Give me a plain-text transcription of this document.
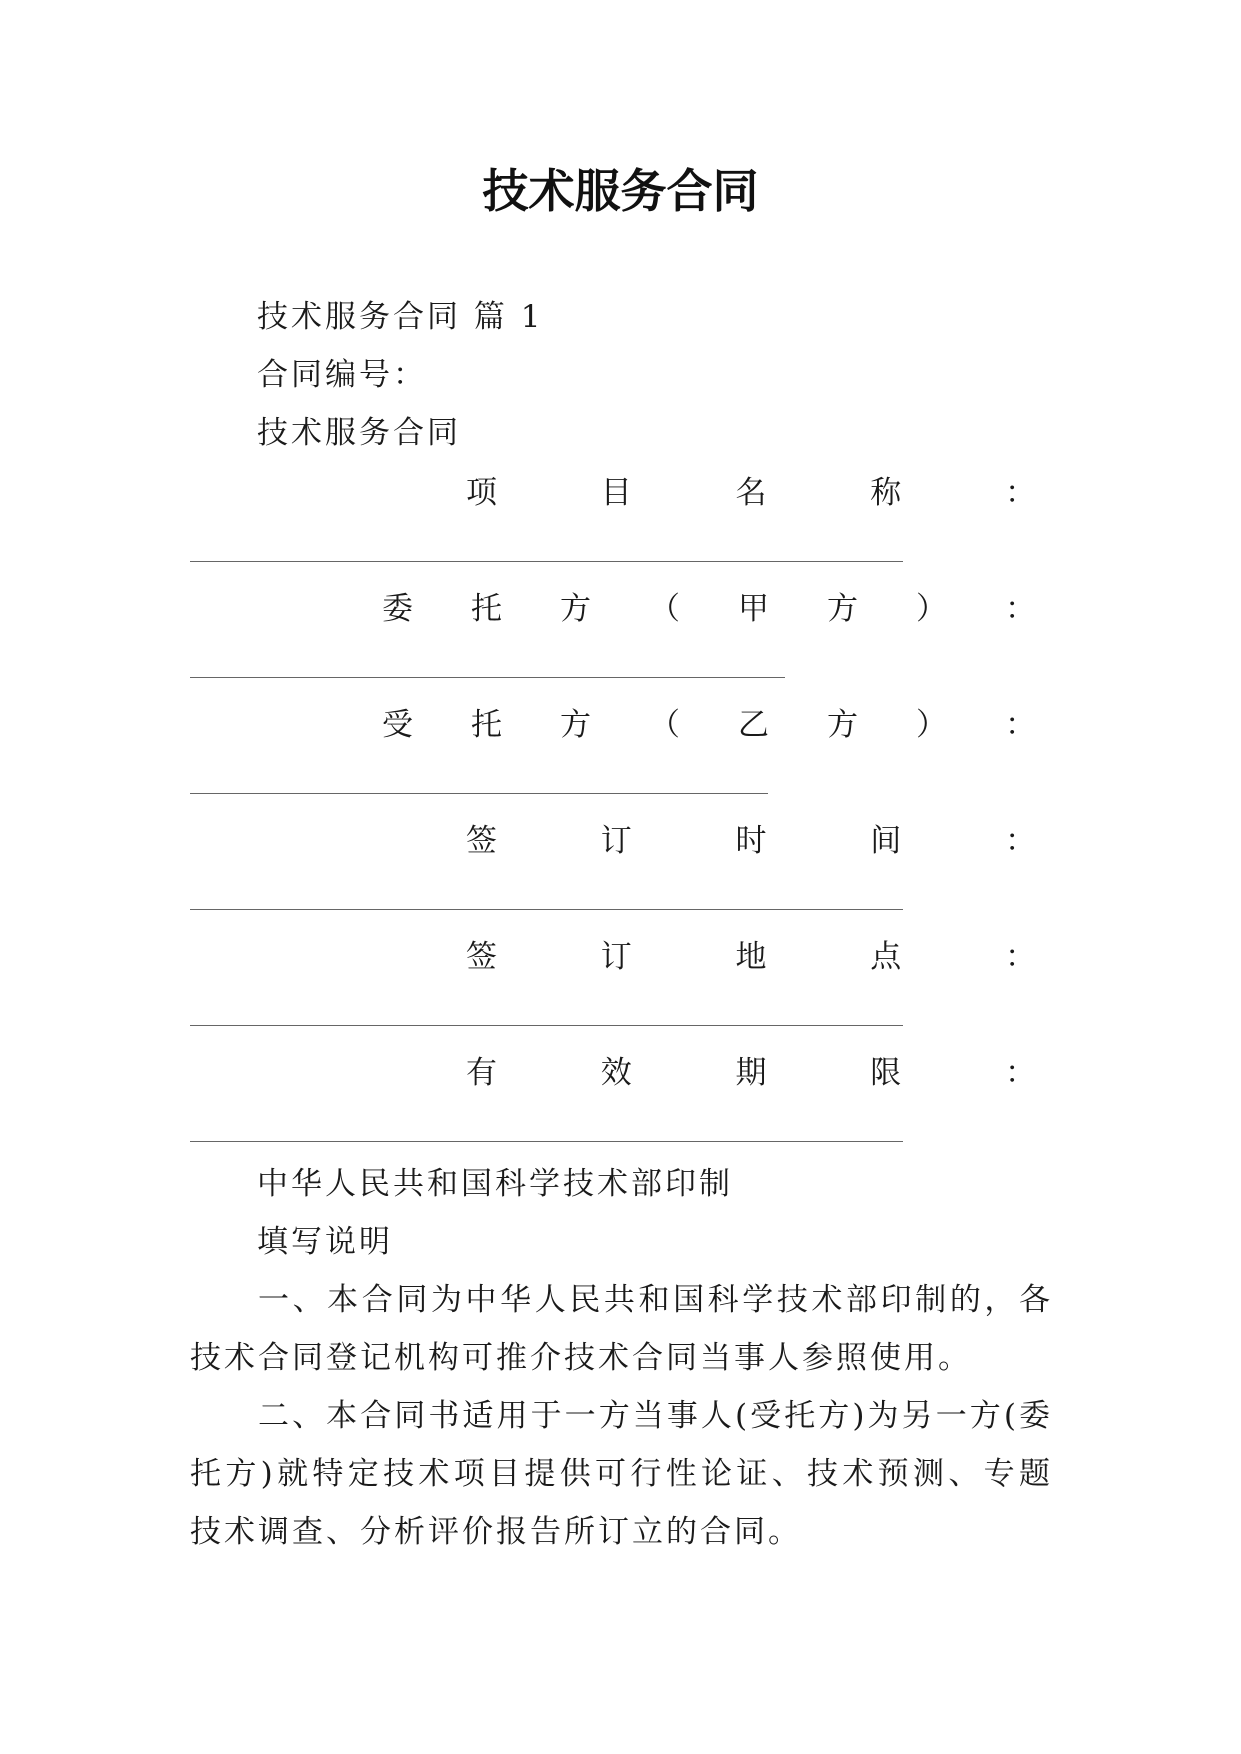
技术服务合同
技术服务合同 篇 1
合同编号：
技术服务合同
项	目	名	称	：
委 托 方 （ 甲 方 ） ：
受 托 方 （ 乙 方 ） ：
签	订	时	间	：
签	订	地	点	：
有	效	期	限	：
中华人民共和国科学技术部印制
填写说明
一、本合同为中华人民共和国科学技术部印制的，各技术合同登记机构可推介技术合同当事人参照使用。
二、本合同书适用于一方当事人(受托方)为另一方(委托方)就特定技术项目提供可行性论证、技术预测、专题技术调查、分析评价报告所订立的合同。
